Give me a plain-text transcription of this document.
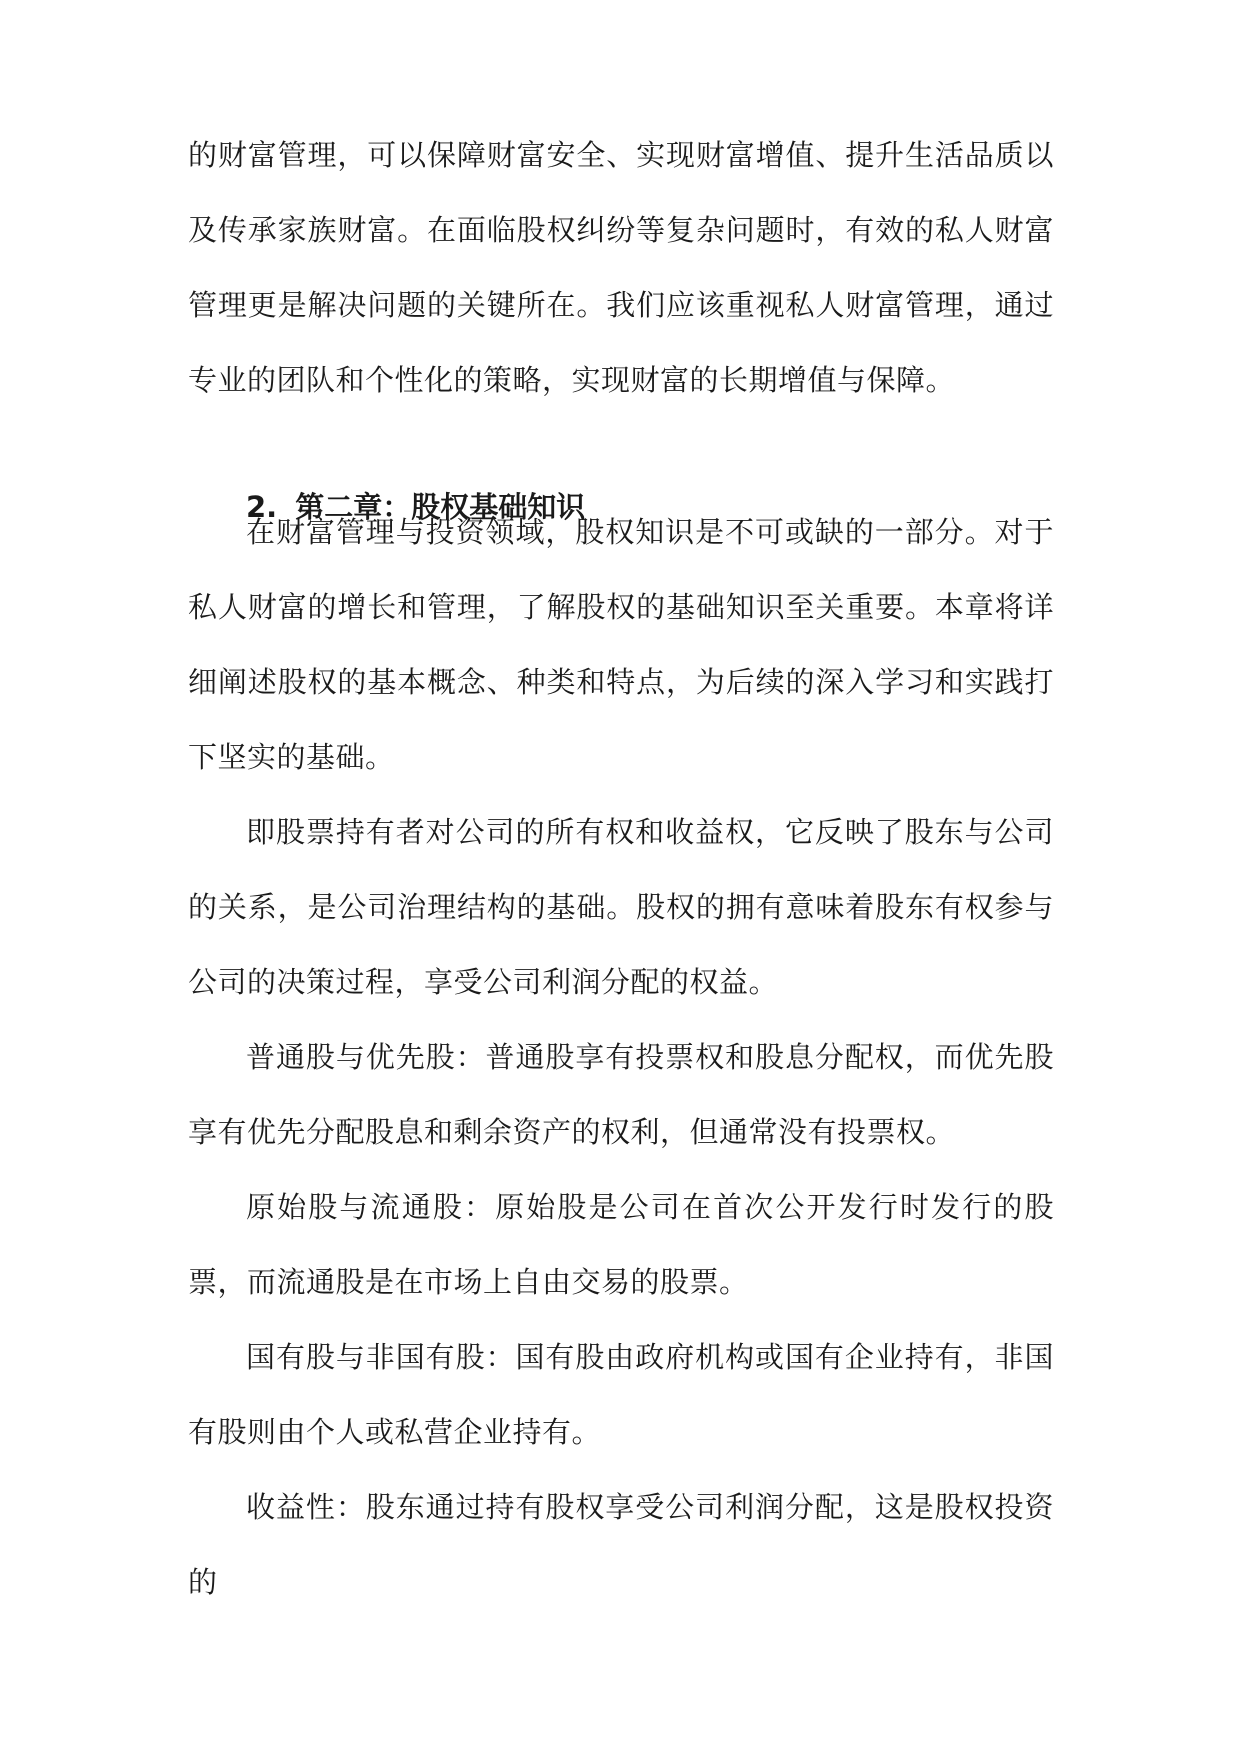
的财富管理，可以保障财富安全、实现财富增值、提升生活品质以及传承家族财富。在面临股权纠纷等复杂问题时，有效的私人财富管理更是解决问题的关键所在。我们应该重视私人财富管理，通过专业的团队和个性化的策略，实现财富的长期增值与保障。

2. 第二章：股权基础知识

在财富管理与投资领域，股权知识是不可或缺的一部分。对于私人财富的增长和管理，了解股权的基础知识至关重要。本章将详细阐述股权的基本概念、种类和特点，为后续的深入学习和实践打下坚实的基础。

即股票持有者对公司的所有权和收益权，它反映了股东与公司的关系，是公司治理结构的基础。股权的拥有意味着股东有权参与公司的决策过程，享受公司利润分配的权益。

普通股与优先股：普通股享有投票权和股息分配权，而优先股享有优先分配股息和剩余资产的权利，但通常没有投票权。

原始股与流通股：原始股是公司在首次公开发行时发行的股票，而流通股是在市场上自由交易的股票。

国有股与非国有股：国有股由政府机构或国有企业持有，非国有股则由个人或私营企业持有。

收益性：股东通过持有股权享受公司利润分配，这是股权投资的
